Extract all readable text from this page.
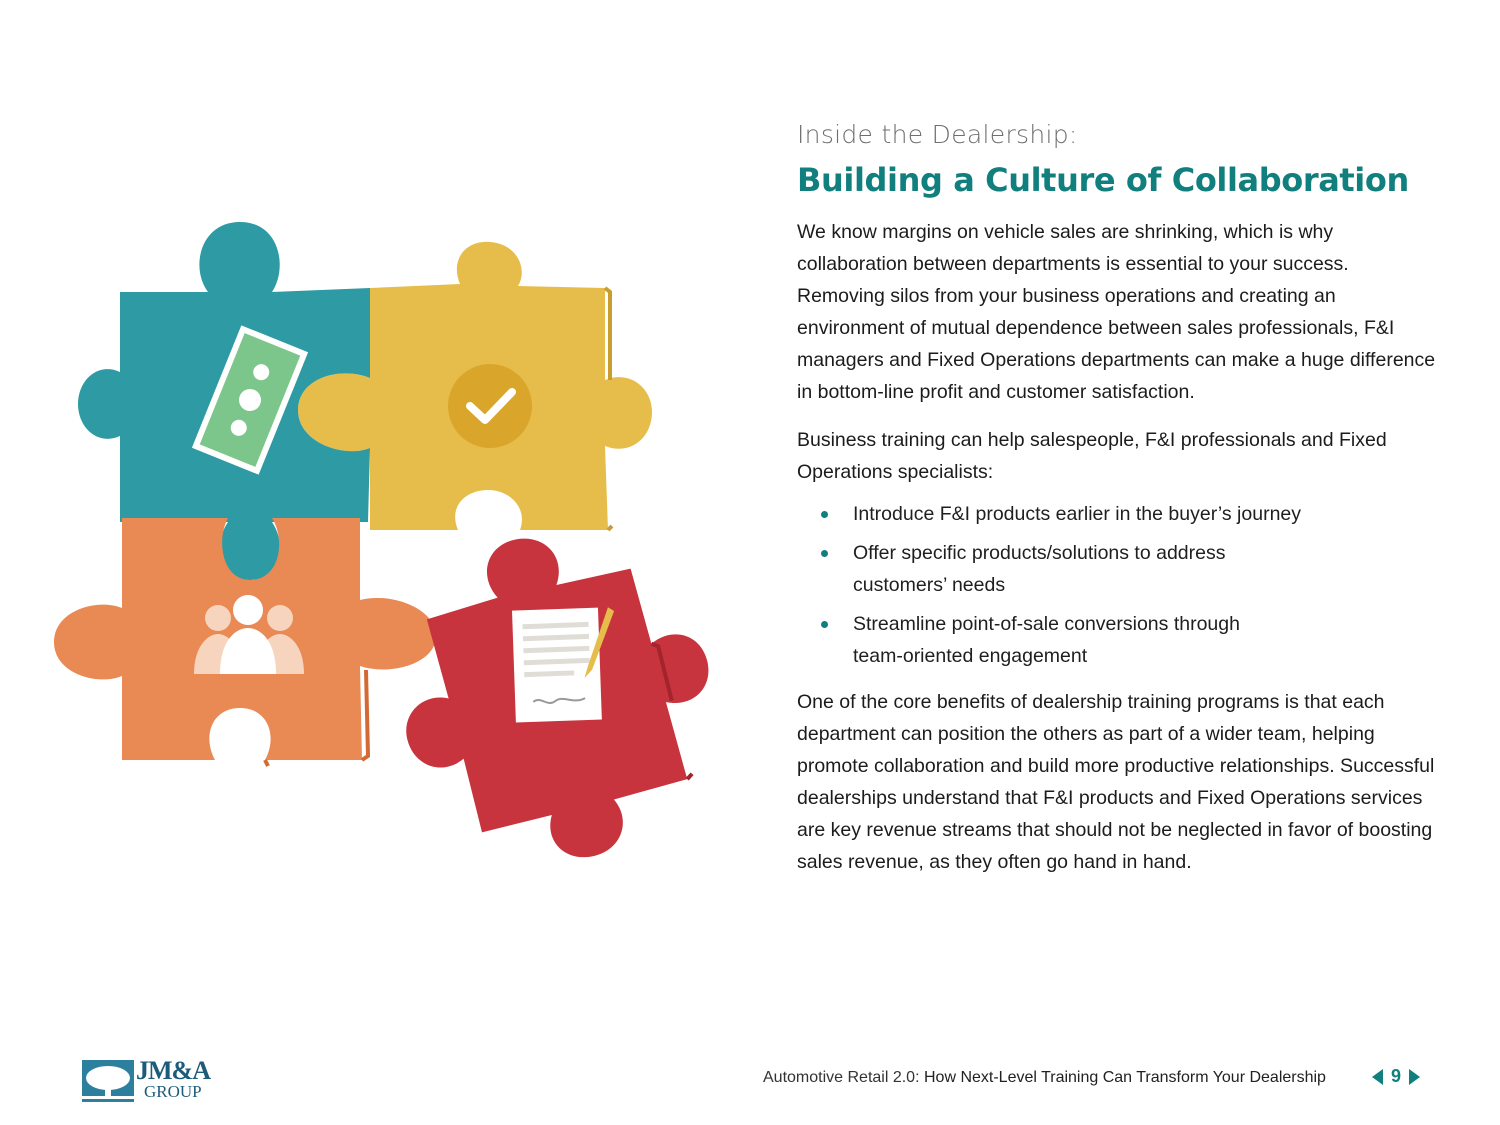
Inside the Dealership:
Building a Culture of Collaboration

We know margins on vehicle sales are shrinking, which is why collaboration between departments is essential to your success. Removing silos from your business operations and creating an environment of mutual dependence between sales professionals, F&I managers and Fixed Operations departments can make a huge difference in bottom-line profit and customer satisfaction.

Business training can help salespeople, F&I professionals and Fixed Operations specialists:

Introduce F&I products earlier in the buyer’s journey
Offer specific products/solutions to address customers’ needs
Streamline point-of-sale conversions through team-oriented engagement

One of the core benefits of dealership training programs is that each department can position the others as part of a wider team, helping promote collaboration and build more productive relationships. Successful dealerships understand that F&I products and Fixed Operations services are key revenue streams that should not be neglected in favor of boosting sales revenue, as they often go hand in hand.

JM&A
GROUP
Automotive Retail 2.0: How Next-Level Training Can Transform Your Dealership	9
